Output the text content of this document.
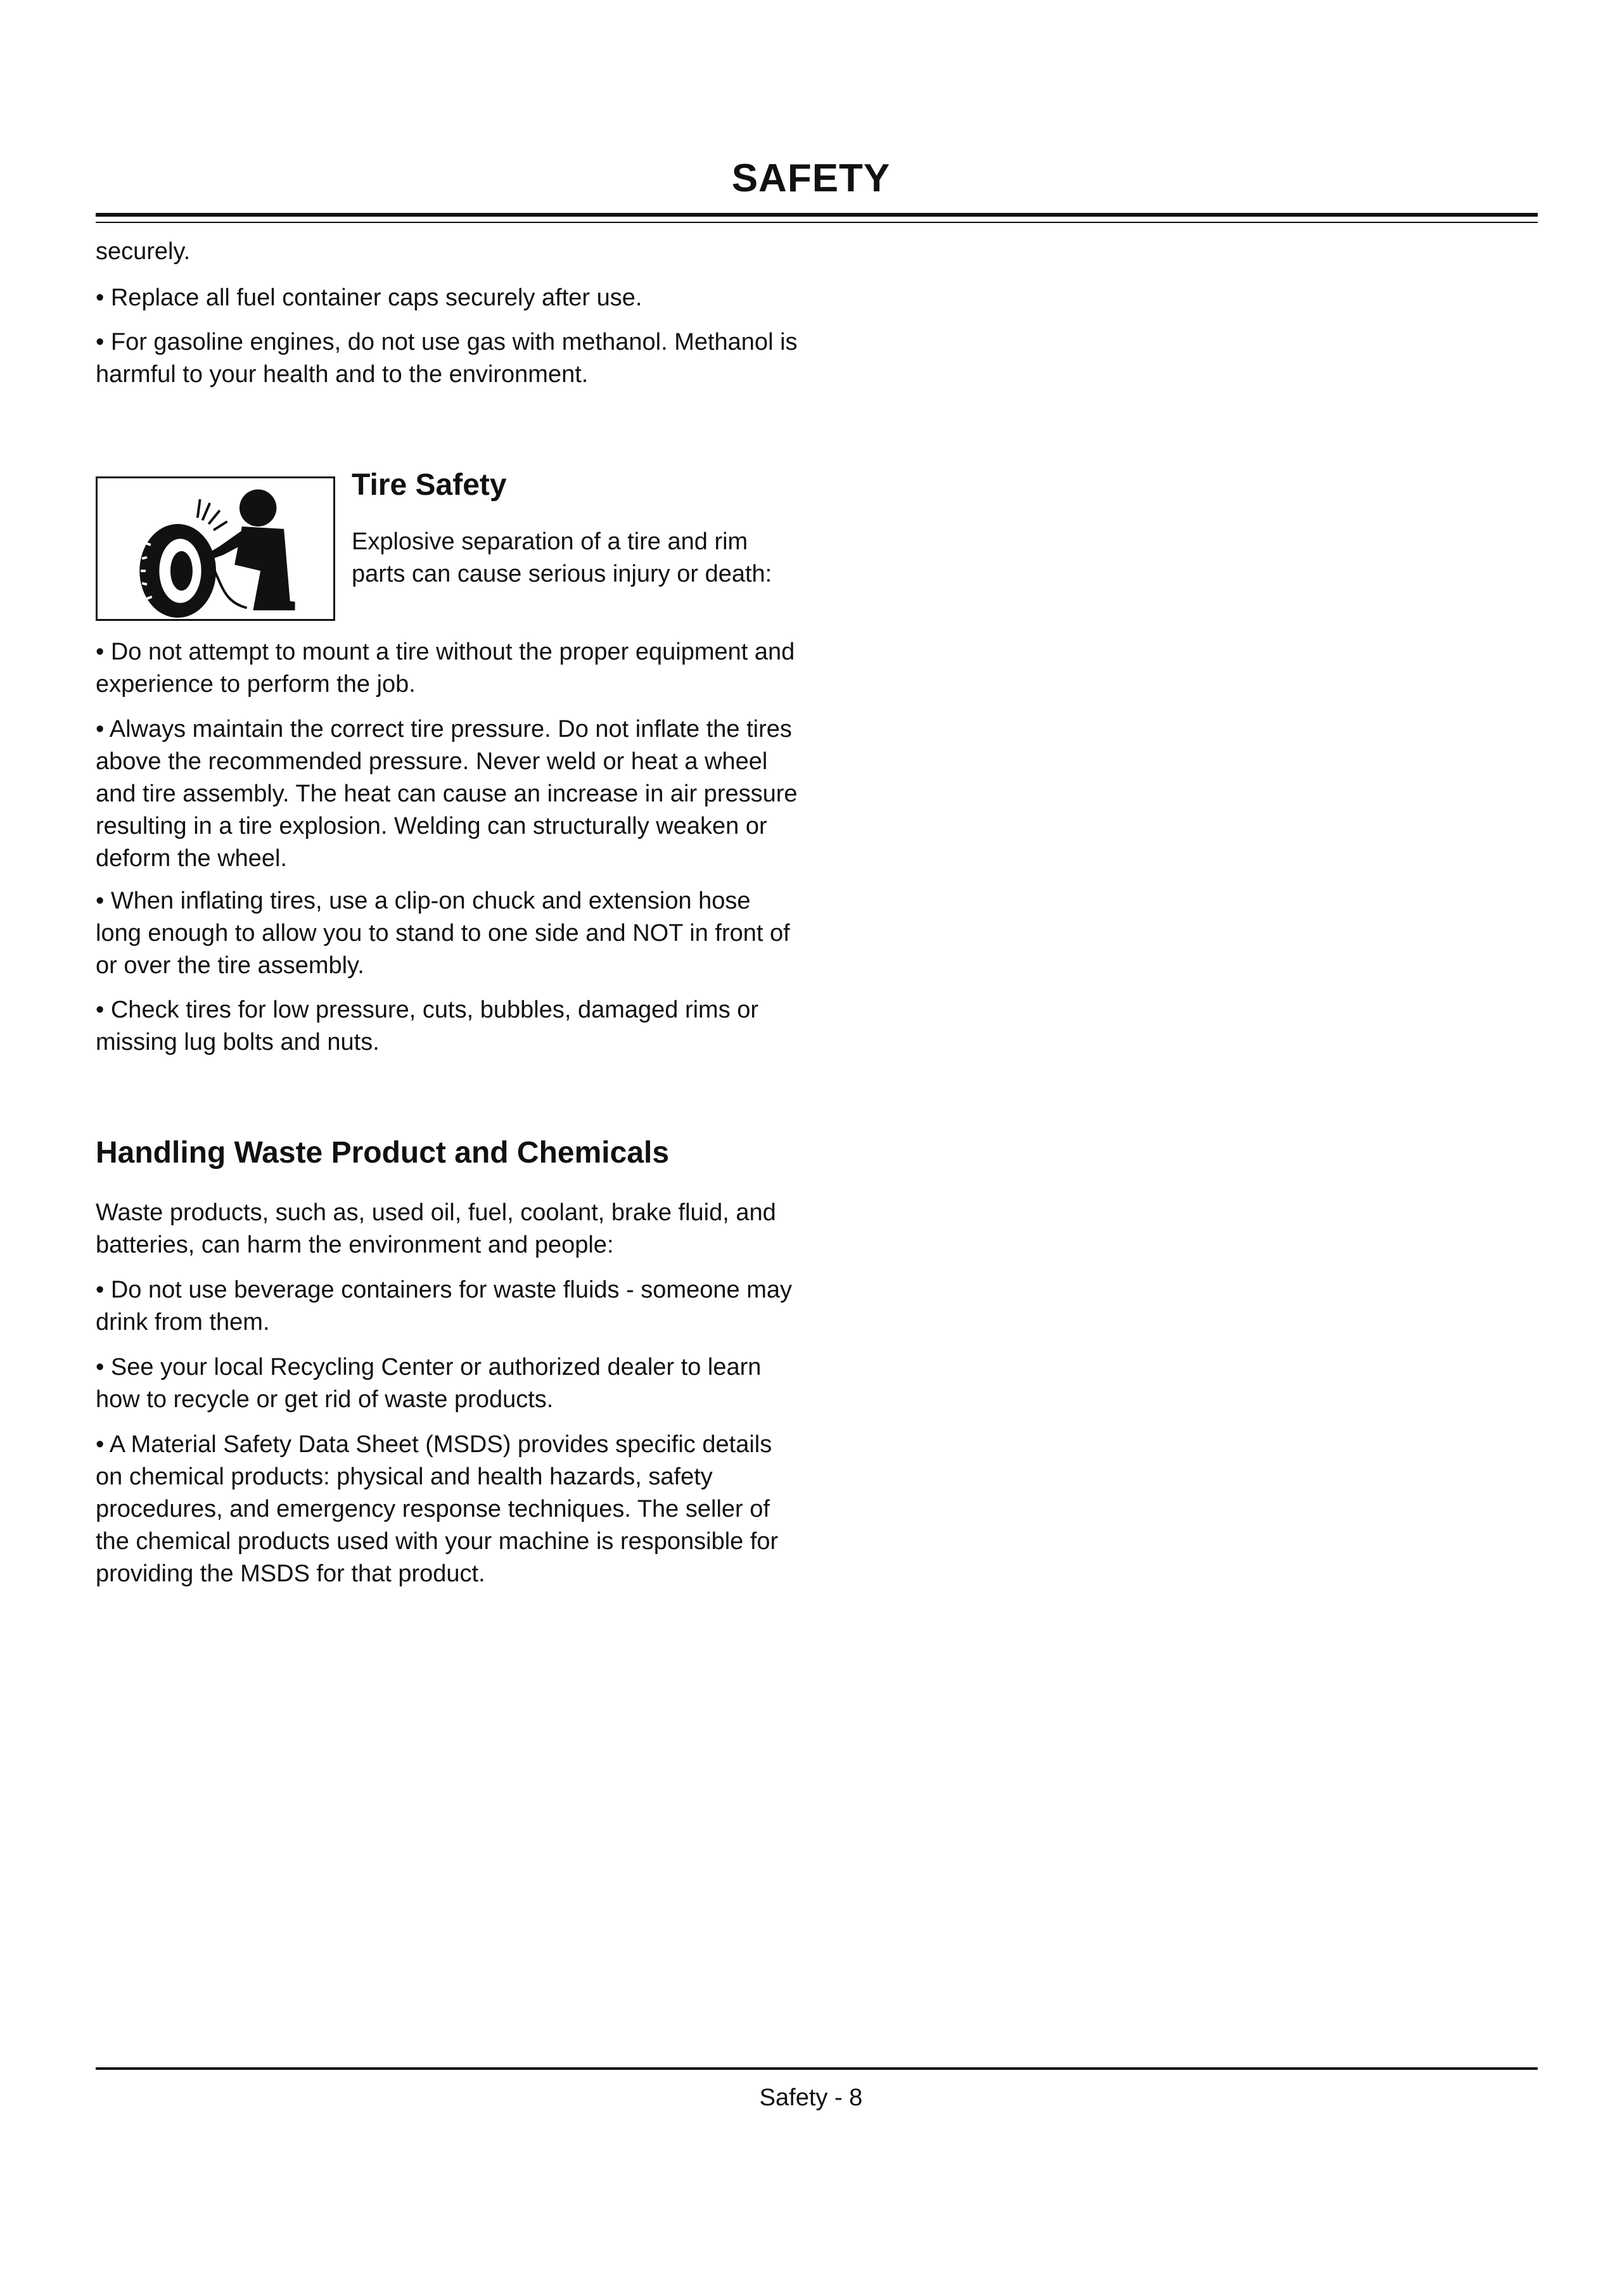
SAFETY

securely.

• Replace all fuel container caps securely after use.

• For gasoline engines, do not use gas with methanol. Methanol is harmful to your health and to the environment.

Tire Safety

Explosive separation of a tire and rim parts can cause serious injury or death:

• Do not attempt to mount a tire without the proper equipment and experience to perform the job.

• Always maintain the correct tire pressure. Do not inflate the tires above the recommended pressure. Never weld or heat a wheel and tire assembly. The heat can cause an increase in air pressure resulting in a tire explosion. Welding can structurally weaken or deform the wheel.

• When inflating tires, use a clip-on chuck and extension hose long enough to allow you to stand to one side and NOT in front of or over the tire assembly.

• Check tires for low pressure, cuts, bubbles, damaged rims or missing lug bolts and nuts.

Handling Waste Product and Chemicals

Waste products, such as, used oil, fuel, coolant, brake fluid, and batteries, can harm the environment and people:

• Do not use beverage containers for waste fluids - someone may drink from them.

• See your local Recycling Center or authorized dealer to learn how to recycle or get rid of waste products.

• A Material Safety Data Sheet (MSDS) provides specific details on chemical products: physical and health hazards, safety procedures, and emergency response techniques. The seller of the chemical products used with your machine is responsible for providing the MSDS for that product.

Safety - 8
